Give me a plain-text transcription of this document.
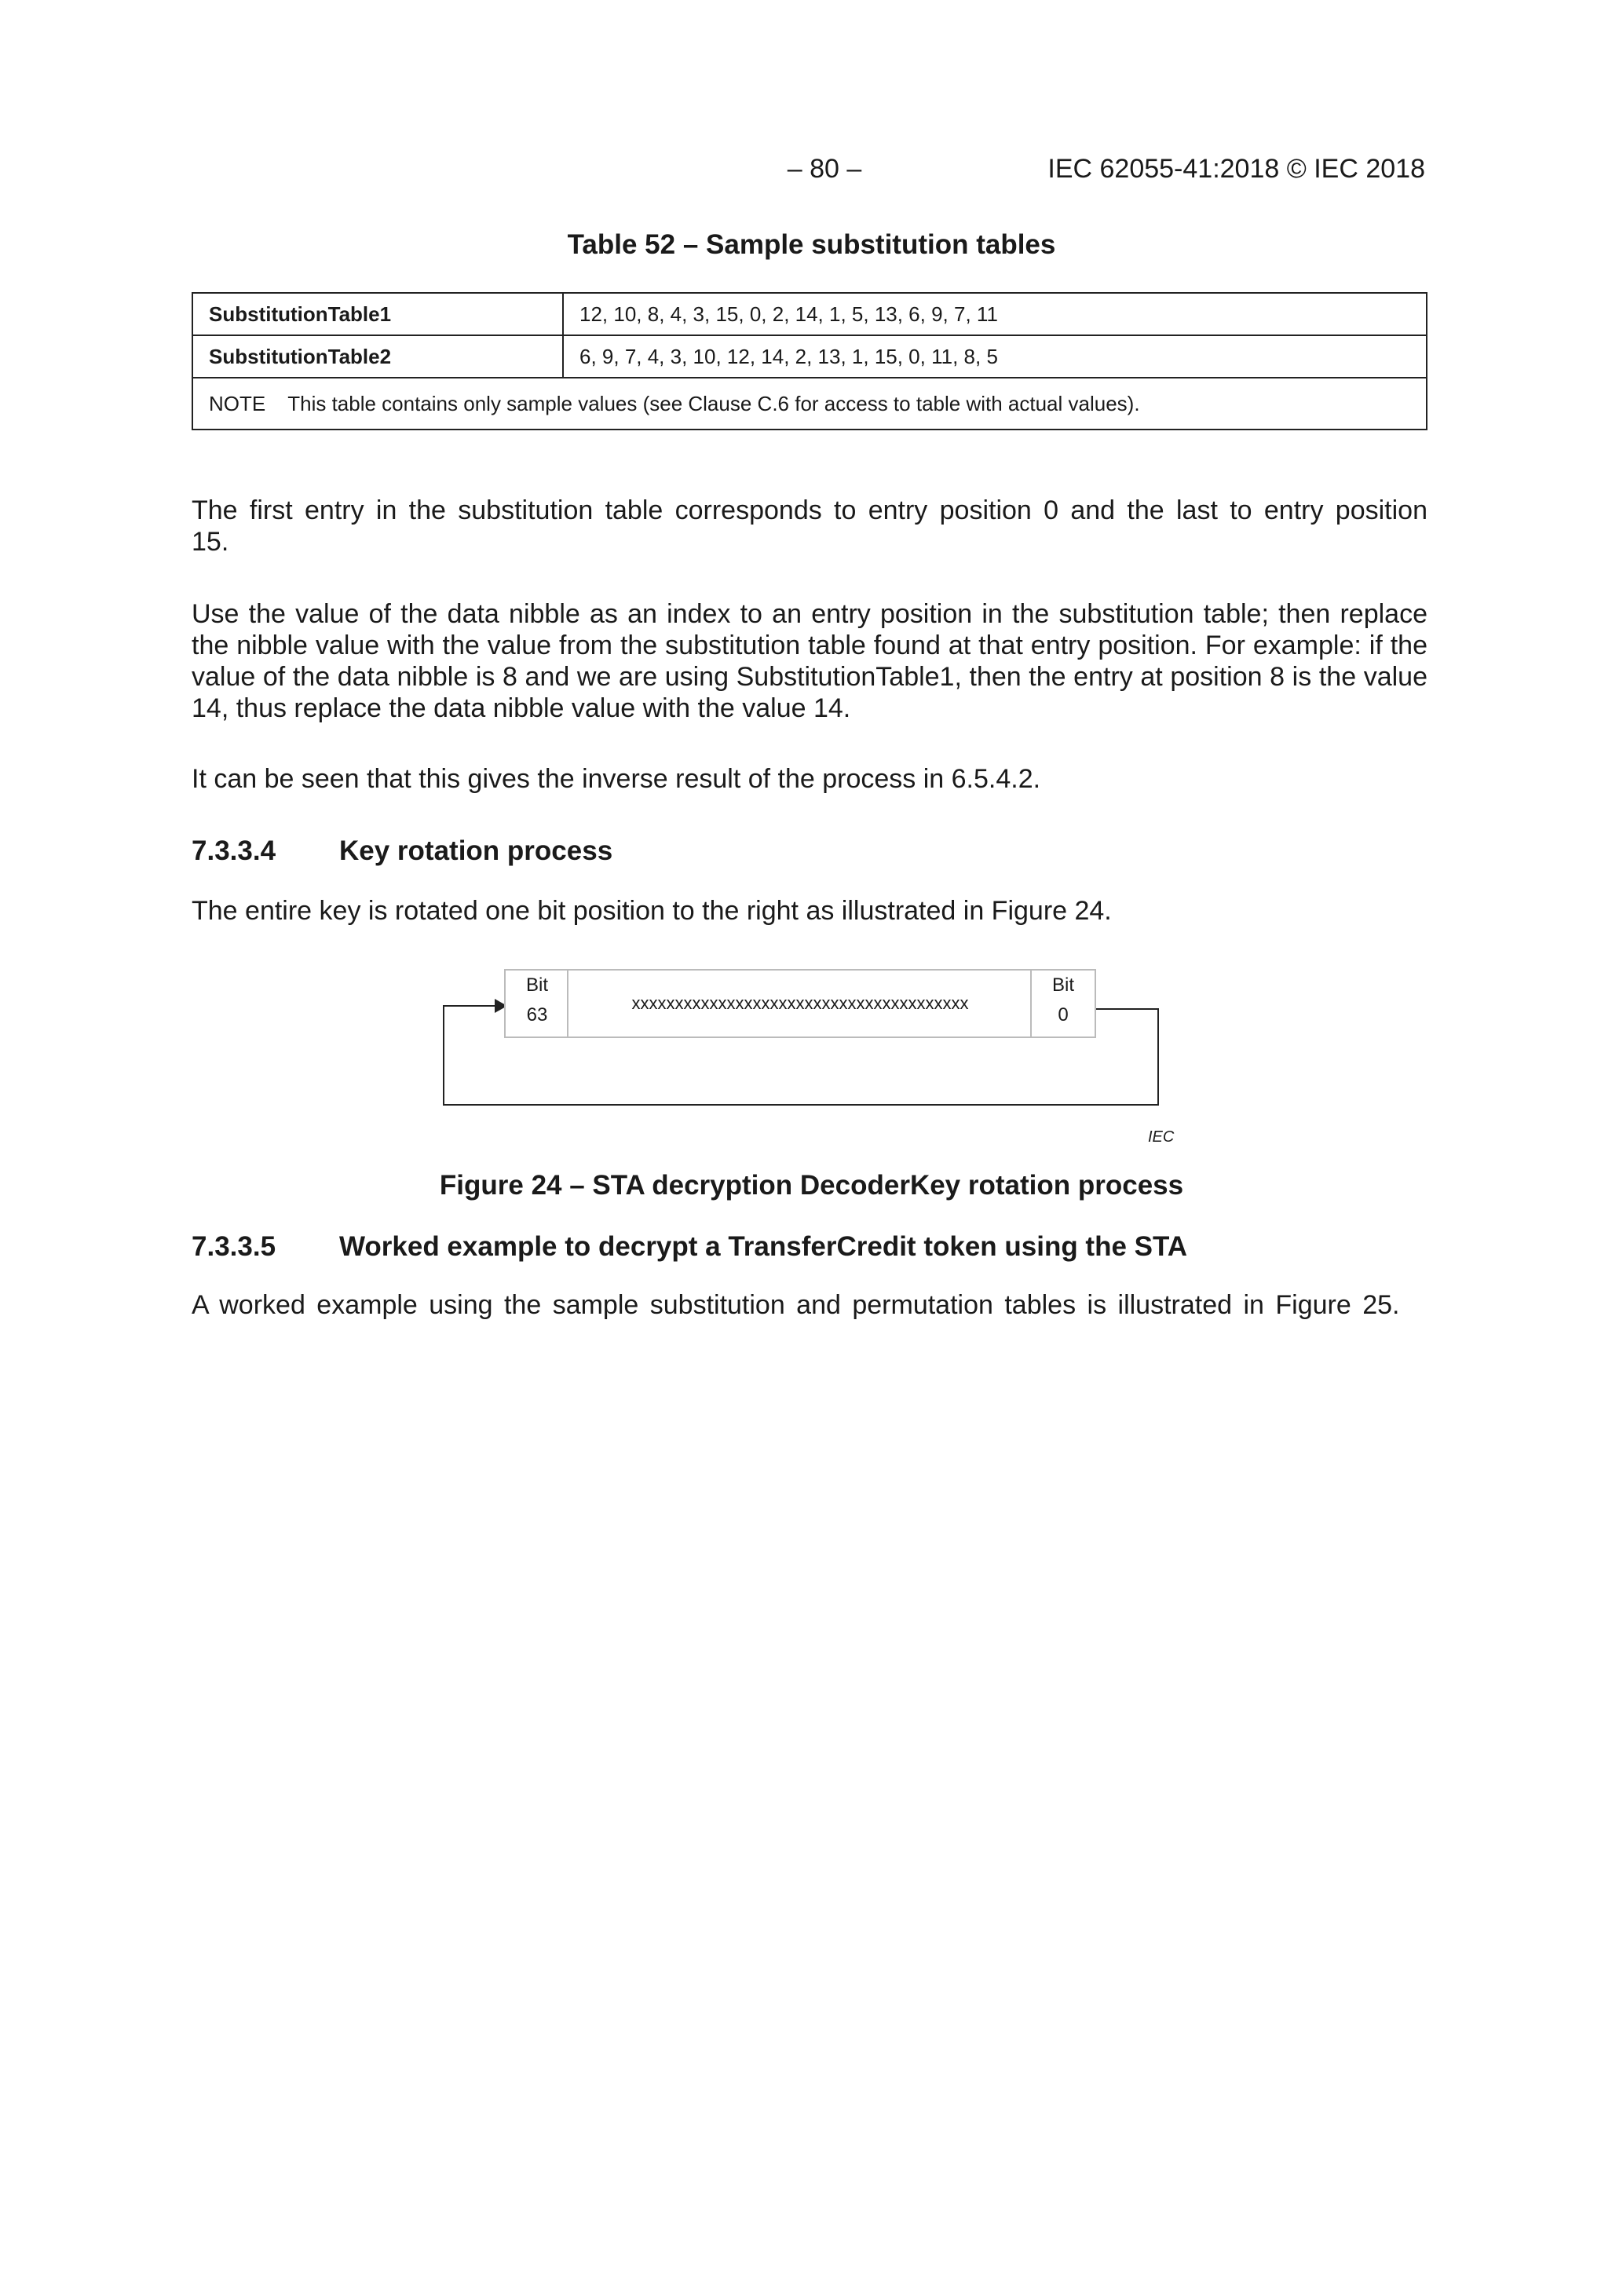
– 80 –	IEC 62055-41:2018 © IEC 2018
Table 52 – Sample substitution tables
SubstitutionTable1	12, 10, 8, 4, 3, 15, 0, 2, 14, 1, 5, 13, 6, 9, 7, 11
SubstitutionTable2	6, 9, 7, 4, 3, 10, 12, 14, 2, 13, 1, 15, 0, 11, 8, 5
NOTE This table contains only sample values (see Clause C.6 for access to table with actual values).	
The first entry in the substitution table corresponds to entry position 0 and the last to entry position 15.
Use the value of the data nibble as an index to an entry position in the substitution table; then replace the nibble value with the value from the substitution table found at that entry position. For example: if the value of the data nibble is 8 and we are using SubstitutionTable1, then the entry at position 8 is the value 14, thus replace the data nibble value with the value 14.
It can be seen that this gives the inverse result of the process in 6.5.4.2.
7.3.3.4 Key rotation process
The entire key is rotated one bit position to the right as illustrated in Figure 24.
Bit
63
xxxxxxxxxxxxxxxxxxxxxxxxxxxxxxxxxxxxxxx
Bit
0
IEC
Figure 24 – STA decryption DecoderKey rotation process
7.3.3.5 Worked example to decrypt a TransferCredit token using the STA
A worked example using the sample substitution and permutation tables is illustrated in Figure 25.
